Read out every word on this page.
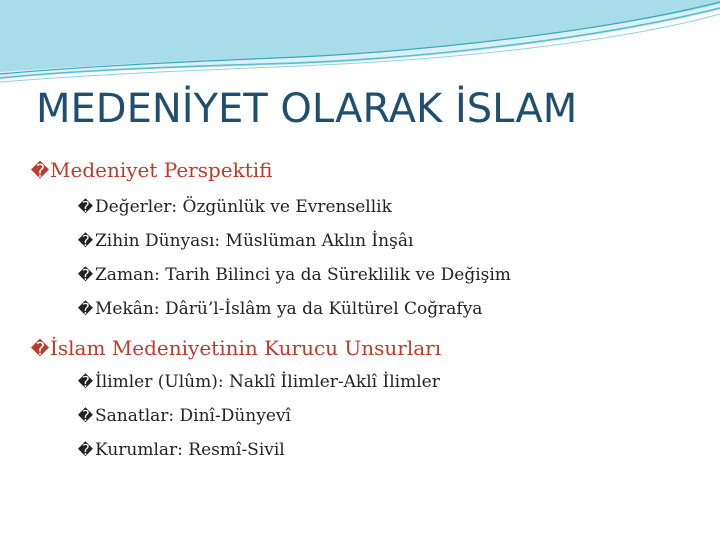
MEDENİYET OLARAK İSLAM
�Medeniyet Perspektifi
� Değerler: Özgünlük ve Evrensellik
� Zihin Dünyası: Müslüman Aklın İnşâı
� Zaman: Tarih Bilinci ya da Süreklilik ve Değişim
� Mekân: Dârü’l-İslâm ya da Kültürel Coğrafya
�İslam Medeniyetinin Kurucu Unsurları
� İlimler (Ulûm): Naklî İlimler-Aklî İlimler
� Sanatlar: Dinî-Dünyevî
� Kurumlar: Resmî-Sivil
